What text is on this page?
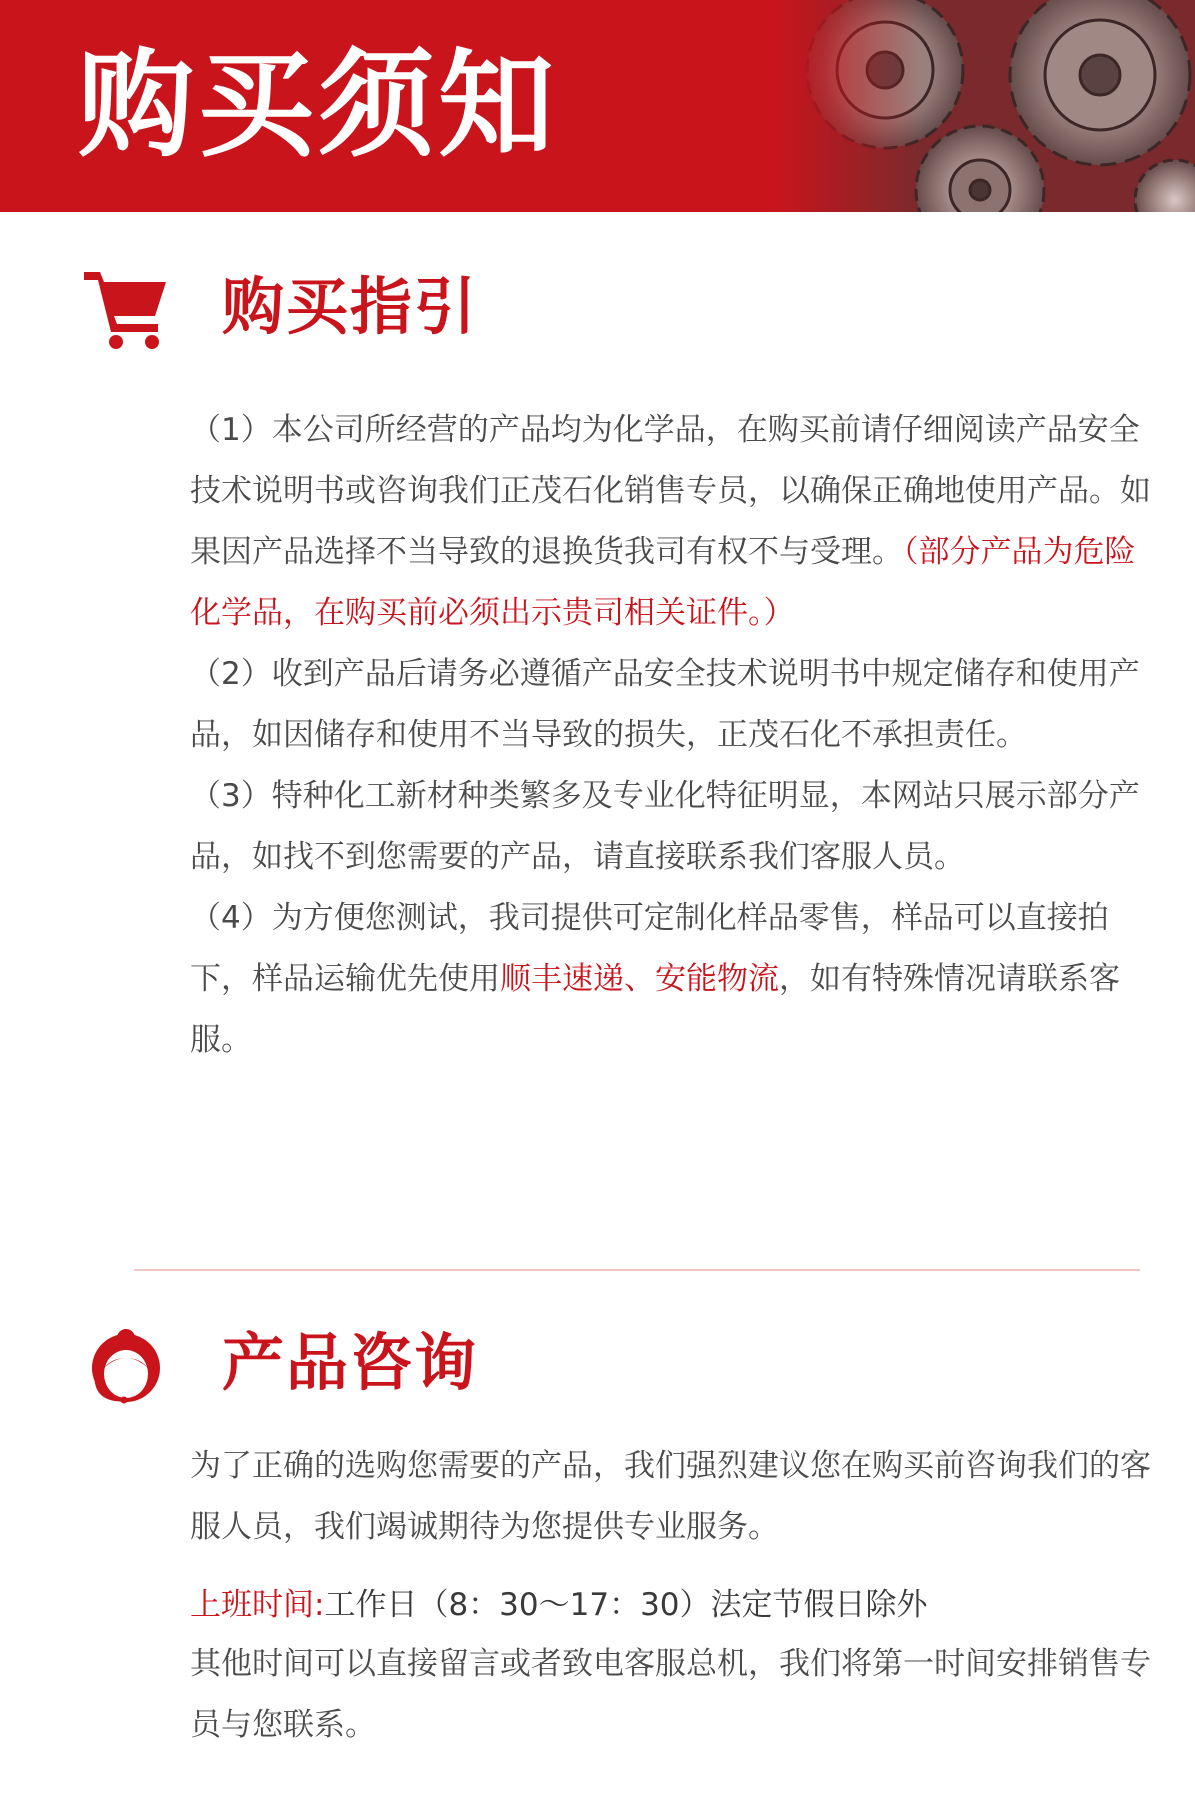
购买须知
购买指引

（1）本公司所经营的产品均为化学品，在购买前请仔细阅读产品安全技术说明书或咨询我们正茂石化销售专员，以确保正确地使用产品。如果因产品选择不当导致的退换货我司有权不与受理。（部分产品为危险化学品，在购买前必须出示贵司相关证件。）

（2）收到产品后请务必遵循产品安全技术说明书中规定储存和使用产品，如因储存和使用不当导致的损失，正茂石化不承担责任。

（3）特种化工新材种类繁多及专业化特征明显，本网站只展示部分产品，如找不到您需要的产品，请直接联系我们客服人员。

（4）为方便您测试，我司提供可定制化样品零售，样品可以直接拍下，样品运输优先使用顺丰速递、安能物流，如有特殊情况请联系客服。

产品咨询

为了正确的选购您需要的产品，我们强烈建议您在购买前咨询我们的客服人员，我们竭诚期待为您提供专业服务。

上班时间:工作日（8：30～17：30）法定节假日除外

其他时间可以直接留言或者致电客服总机，我们将第一时间安排销售专员与您联系。
